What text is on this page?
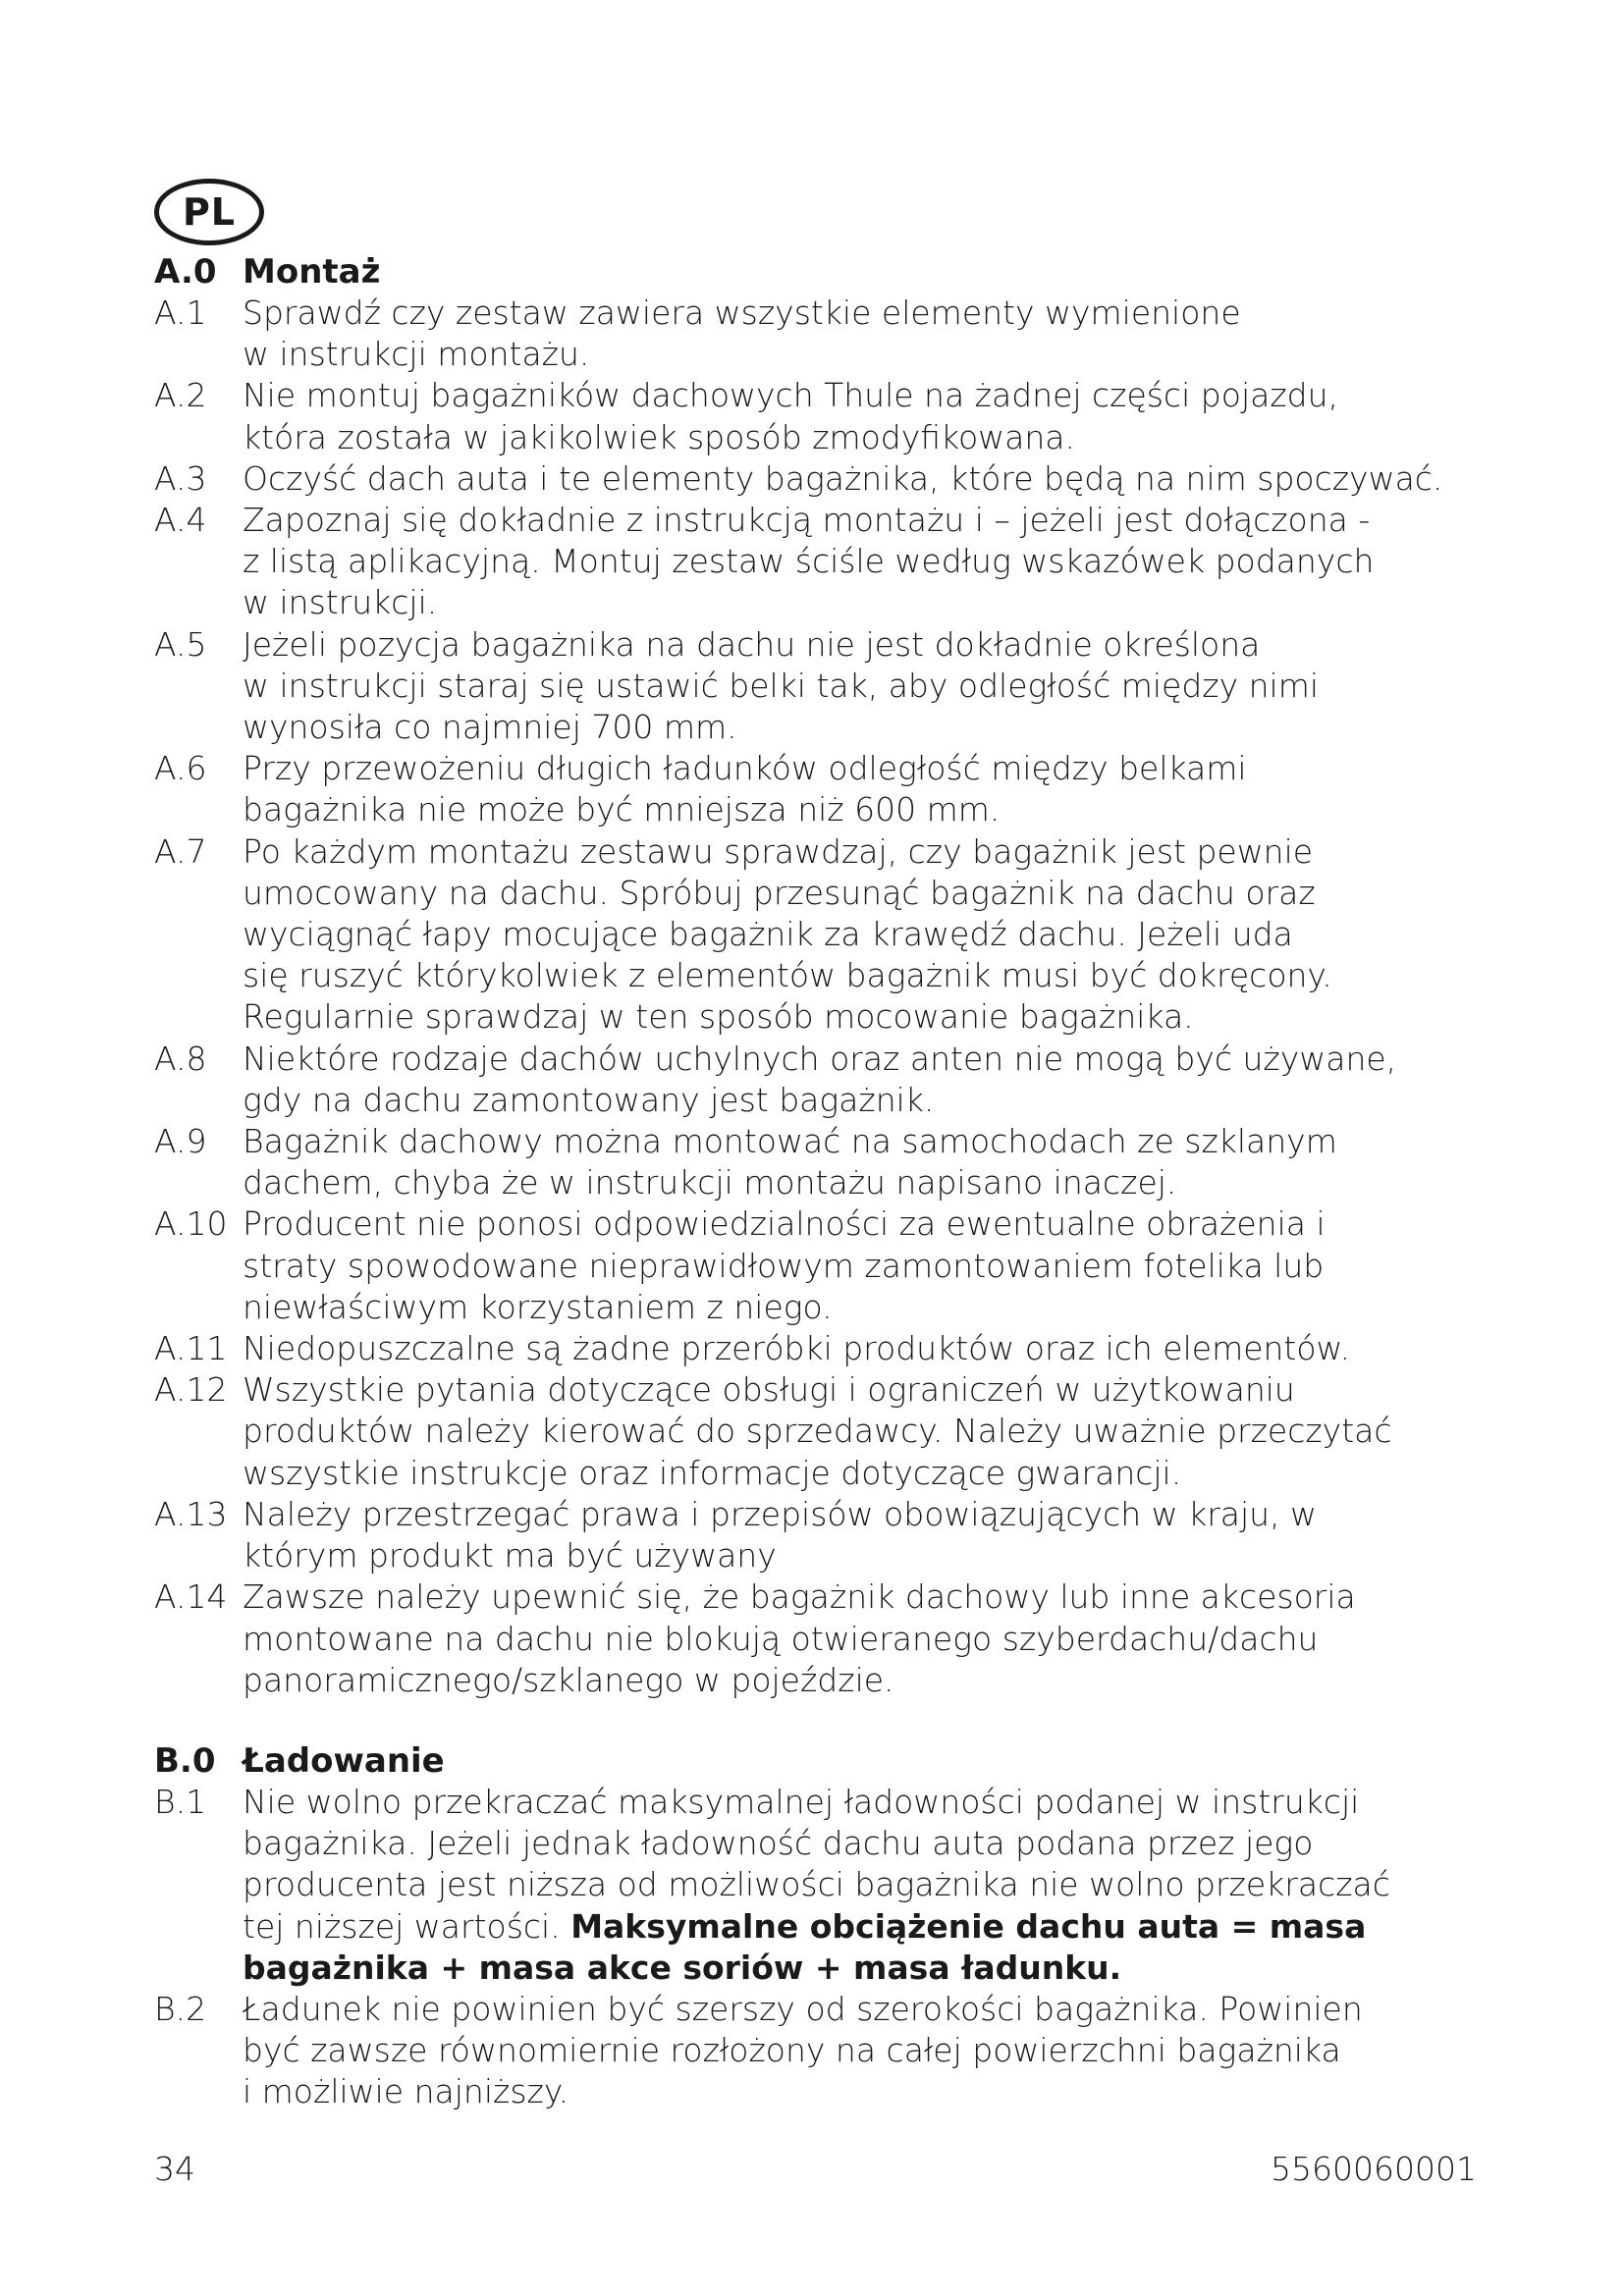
PL
A.0 Montaż
A.1	Sprawdź czy zestaw zawiera wszystkie elementy wymienione
w instrukcji montażu.
A.2	Nie montuj bagażników dachowych Thule na żadnej części pojazdu,
która została w jakikolwiek sposób zmodyfikowana.
A.3	Oczyść dach auta i te elementy bagażnika, które będą na nim spoczywać.
A.4	Zapoznaj się dokładnie z instrukcją montażu i – jeżeli jest dołączona -
z listą aplikacyjną. Montuj zestaw ściśle według wskazówek podanych
w instrukcji.
A.5	Jeżeli pozycja bagażnika na dachu nie jest dokładnie określona
w instrukcji staraj się ustawić belki tak, aby odległość między nimi
wynosiła co najmniej 700 mm.
A.6	Przy przewożeniu długich ładunków odległość między belkami
bagażnika nie może być mniejsza niż 600 mm.
A.7	Po każdym montażu zestawu sprawdzaj, czy bagażnik jest pewnie
umocowany na dachu. Spróbuj przesunąć bagażnik na dachu oraz
wyciągnąć łapy mocujące bagażnik za krawędź dachu. Jeżeli uda
się ruszyć którykolwiek z elementów bagażnik musi być dokręcony.
Regularnie sprawdzaj w ten sposób mocowanie bagażnika.
A.8	Niektóre rodzaje dachów uchylnych oraz anten nie mogą być używane,
gdy na dachu zamontowany jest bagażnik.
A.9	Bagażnik dachowy można montować na samochodach ze szklanym
dachem, chyba że w instrukcji montażu napisano inaczej.
A.10 Producent nie ponosi odpowiedzialności za ewentualne obrażenia i
straty spowodowane nieprawidłowym zamontowaniem fotelika lub
niewłaściwym korzystaniem z niego.
A.11 Niedopuszczalne są żadne przeróbki produktów oraz ich elementów.
A.12 Wszystkie pytania dotyczące obsługi i ograniczeń w użytkowaniu
produktów należy kierować do sprzedawcy. Należy uważnie przeczytać
wszystkie instrukcje oraz informacje dotyczące gwarancji.
A.13 Należy przestrzegać prawa i przepisów obowiązujących w kraju, w
którym produkt ma być używany
A.14 Zawsze należy upewnić się, że bagażnik dachowy lub inne akcesoria
montowane na dachu nie blokują otwieranego szyberdachu/dachu
panoramicznego/szklanego w pojeździe.
B.0 Ładowanie
B.1	Nie wolno przekraczać maksymalnej ładowności podanej w instrukcji
bagażnika. Jeżeli jednak ładowność dachu auta podana przez jego
producenta jest niższa od możliwości bagażnika nie wolno przekraczać
tej niższej wartości. Maksymalne obciążenie dachu auta = masa
bagażnika + masa akce soriów + masa ładunku.
B.2	Ładunek nie powinien być szerszy od szerokości bagażnika. Powinien
być zawsze równomiernie rozłożony na całej powierzchni bagażnika
i możliwie najniższy.
34	5560060001
